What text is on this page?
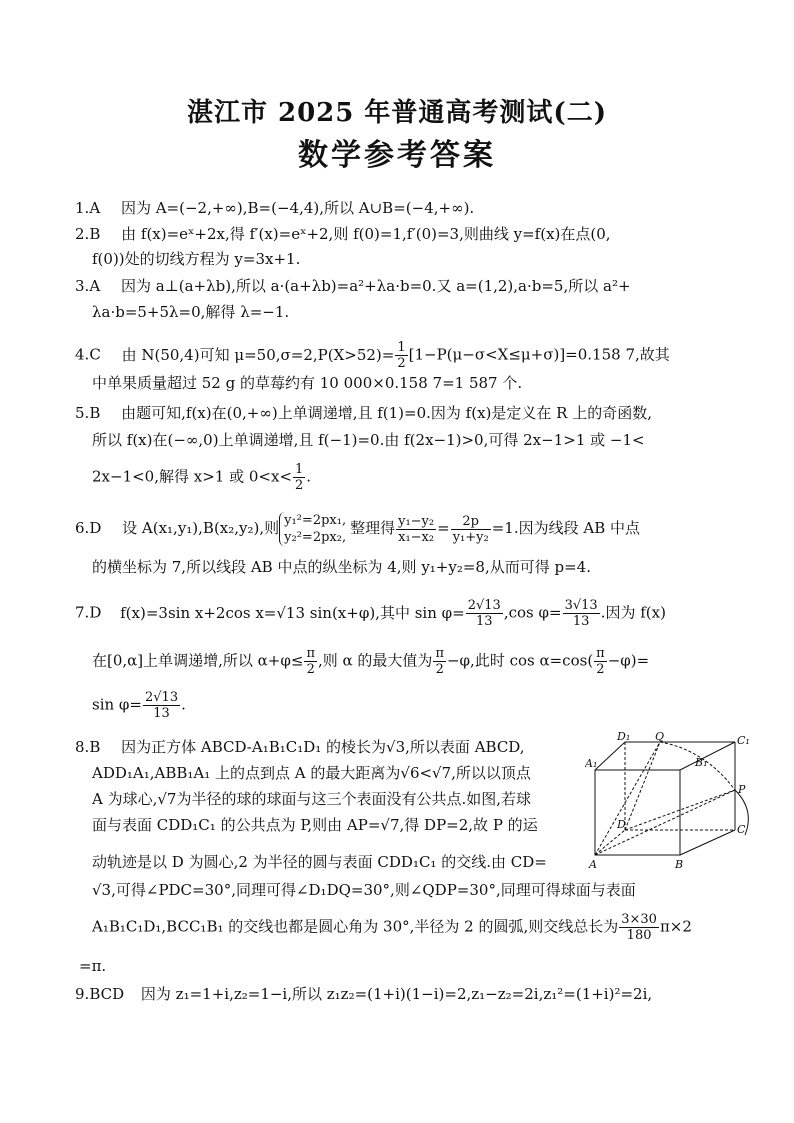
湛江市 2025 年普通高考测试(二)
数学参考答案
1.A 因为 A=(−2,+∞),B=(−4,4),所以 A∪B=(−4,+∞).
2.B 由 f(x)=eˣ+2x,得 f′(x)=eˣ+2,则 f(0)=1,f′(0)=3,则曲线 y=f(x)在点(0,
f(0))处的切线方程为 y=3x+1.
3.A 因为 a⊥(a+λb),所以 a·(a+λb)=a²+λa·b=0.又 a=(1,2),a·b=5,所以 a²+
λa·b=5+5λ=0,解得 λ=−1.
4.C 由 N(50,4)可知 $\mu=50,\sigma=2,P(X>52)= \frac{1}{2} [1-P(\mu-\sigma<X\le\mu+\sigma)]=0.158$ 7,故其
中单果质量超过 52 g 的草莓约有 10 000×0.158 7=1 587 个.
5.B 由题可知,f(x)在(0,+∞)上单调递增,且 f(1)=0.因为 f(x)是定义在 R 上的奇函数,
所以 f(x)在(−∞,0)上单调递增,且 f(−1)=0.由 f(2x−1)>0,可得 2x−1>1 或 −1<
2x−1<0,解得 x>1 或 $0<x< \frac{1}{2}$ .
6.D 设 A(x₁,y₁),B(x₂,y₂),则 y₁²=2px₁,
y₂²=2px₂,
整理得 $\frac{\text{y₁−y₂}}{\text{x₁−x₂}} = \frac{2p}{\text{y₁+y₂}} =1$.因为线段 AB 中点
的横坐标为 7,所以线段 AB 中点的纵坐标为 4,则 y₁+y₂=8,从而可得 p=4.
7.D f(x)=3sin x+2cos x=√13 sin(x+φ),其中 $\sin \varphi= \frac{2√13}{13} ,\cos$ $\varphi= \frac{3√13}{13}$ .因为 f(x)
在[0,α]上单调递增,所以 $\alpha+\varphi\le \frac{\pi}{2}$ ,则 α 的最大值为 $\frac{\pi}{2} -\varphi$,此时 $\cos \alpha=\cos( \frac{\pi}{2} -\varphi)=$
$\sin \varphi= \frac{2√13}{13}$ .
8.B 因为正方体 ABCD-A₁B₁C₁D₁ 的棱长为√3,所以表面 ABCD,
ADD₁A₁,ABB₁A₁ 上的点到点 A 的最大距离为√6<√7,所以以顶点
A 为球心,√7为半径的球的球面与这三个表面没有公共点.如图,若球
面与表面 CDD₁C₁ 的公共点为 P,则由 AP=√7,得 DP=2,故 P 的运
动轨迹是以 D 为圆心,2 为半径的圆与表面 CDD₁C₁ 的交线.由 CD=
√3,可得∠PDC=30°,同理可得∠D₁DQ=30°,则∠QDP=30°,同理可得球面与表面
A₁B₁C₁D₁,BCC₁B₁ 的交线也都是圆心角为 30°,半径为 2 的圆弧,则交线总长为 $\frac{3\times 30}{180} \pi\times 2$
=π.
D₁ Q	C₁
A₁	B₁
P
D	C
A	B
9.BCD 因为 z₁=1+i,z₂=1−i,所以 z₁z₂=(1+i)(1−i)=2,z₁−z₂=2i,z₁²=(1+i)²=2i,
